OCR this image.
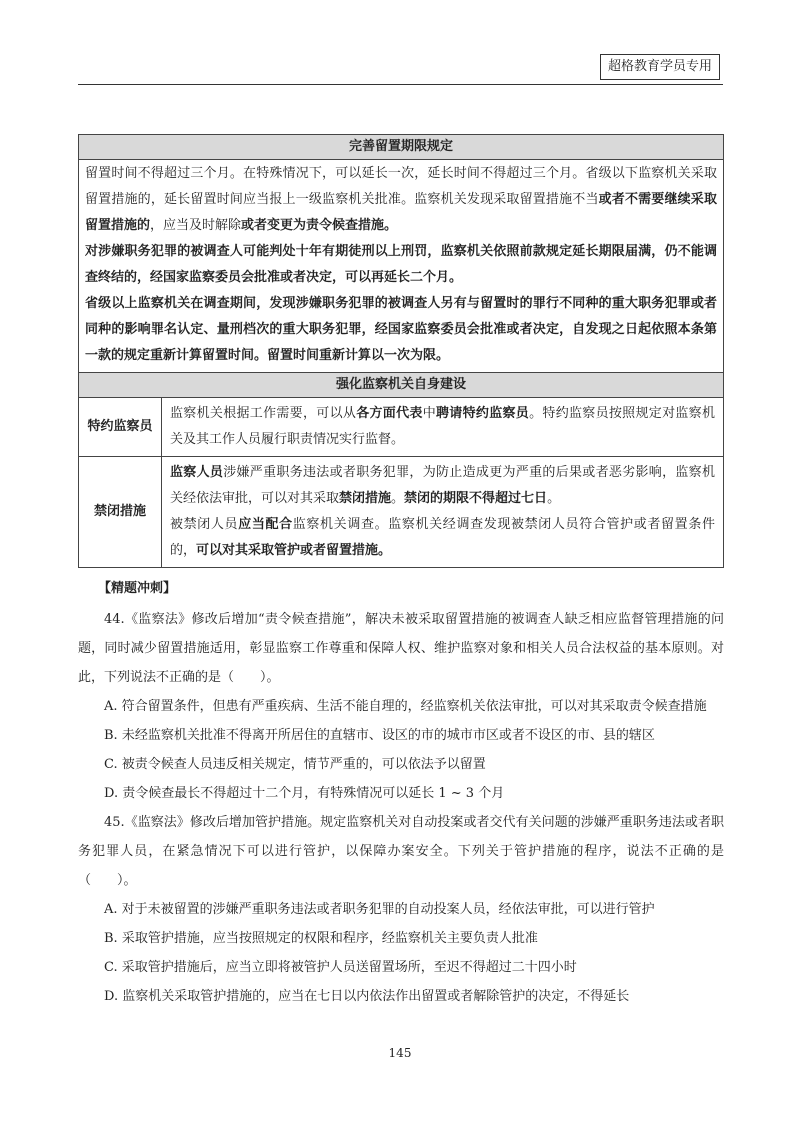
超格教育学员专用
完善留置期限规定	

留置时间不得超过三个月。在特殊情况下，可以延长一次，延长时间不得超过三个月。省级以下监察机关采取留置措施的，延长留置时间应当报上一级监察机关批准。监察机关发现采取留置措施不当或者不需要继续采取留置措施的，应当及时解除或者变更为责令候查措施。

对涉嫌职务犯罪的被调查人可能判处十年有期徒刑以上刑罚，监察机关依照前款规定延长期限届满，仍不能调查终结的，经国家监察委员会批准或者决定，可以再延长二个月。

省级以上监察机关在调查期间，发现涉嫌职务犯罪的被调查人另有与留置时的罪行不同种的重大职务犯罪或者同种的影响罪名认定、量刑档次的重大职务犯罪，经国家监察委员会批准或者决定，自发现之日起依照本条第一款的规定重新计算留置时间。留置时间重新计算以一次为限。	

强化监察机关自身建设	
特约监察员	监察机关根据工作需要，可以从各方面代表中聘请特约监察员。特约监察员按照规定对监察机关及其工作人员履行职责情况实行监督。

禁闭措施	监察人员涉嫌严重职务违法或者职务犯罪，为防止造成更为严重的后果或者恶劣影响，监察机关经依法审批，可以对其采取禁闭措施。禁闭的期限不得超过七日。

被禁闭人员应当配合监察机关调查。监察机关经调查发现被禁闭人员符合管护或者留置条件的，可以对其采取管护或者留置措施。

【精题冲刺】

44.《监察法》修改后增加“责令候查措施”，解决未被采取留置措施的被调查人缺乏相应监督管理措施的问题，同时减少留置措施适用，彰显监察工作尊重和保障人权、维护监察对象和相关人员合法权益的基本原则。对此，下列说法不正确的是（　　）。

A. 符合留置条件，但患有严重疾病、生活不能自理的，经监察机关依法审批，可以对其采取责令候查措施

B. 未经监察机关批准不得离开所居住的直辖市、设区的市的城市市区或者不设区的市、县的辖区

C. 被责令候查人员违反相关规定，情节严重的，可以依法予以留置

D. 责令候查最长不得超过十二个月，有特殊情况可以延长 1 ~ 3 个月

45.《监察法》修改后增加管护措施。规定监察机关对自动投案或者交代有关问题的涉嫌严重职务违法或者职务犯罪人员，在紧急情况下可以进行管护，以保障办案安全。下列关于管护措施的程序，说法不正确的是（　　）。

A. 对于未被留置的涉嫌严重职务违法或者职务犯罪的自动投案人员，经依法审批，可以进行管护

B. 采取管护措施，应当按照规定的权限和程序，经监察机关主要负责人批准

C. 采取管护措施后，应当立即将被管护人员送留置场所，至迟不得超过二十四小时

D. 监察机关采取管护措施的，应当在七日以内依法作出留置或者解除管护的决定，不得延长

145
